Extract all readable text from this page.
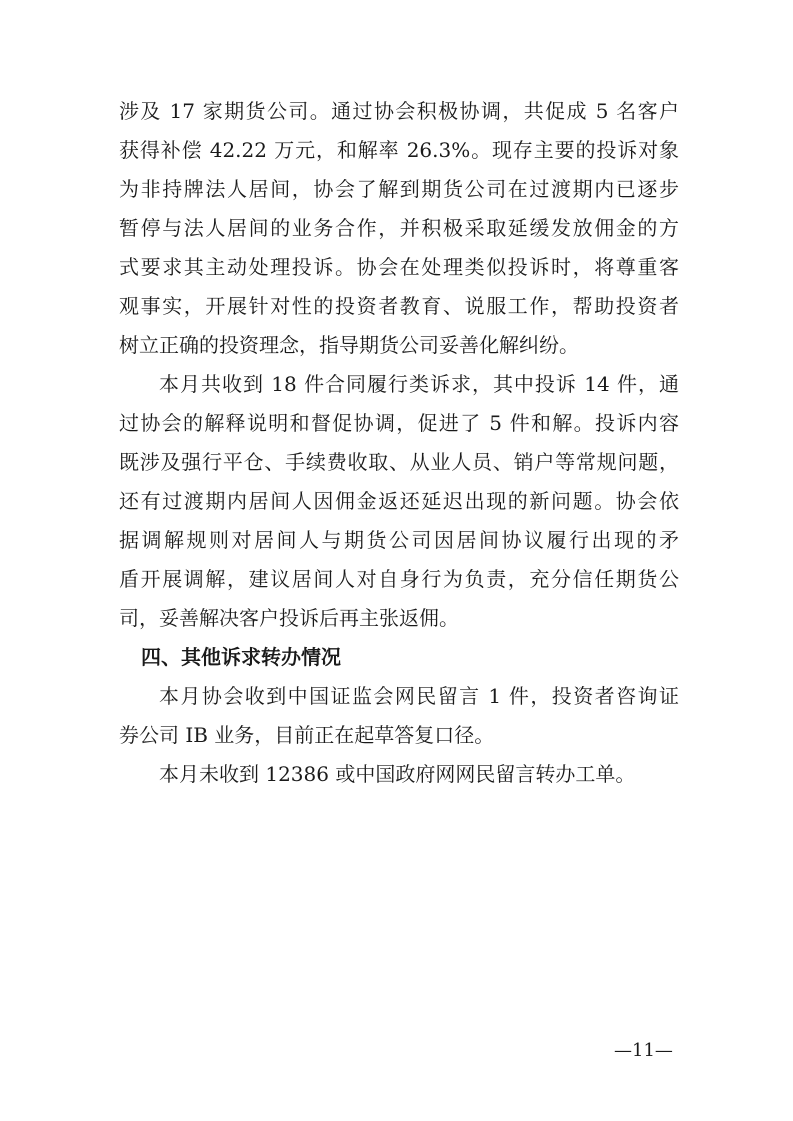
涉及 17 家期货公司。通过协会积极协调，共促成 5 名客户
获得补偿 42.22 万元，和解率 26.3%。现存主要的投诉对象
为非持牌法人居间，协会了解到期货公司在过渡期内已逐步
暂停与法人居间的业务合作，并积极采取延缓发放佣金的方
式要求其主动处理投诉。协会在处理类似投诉时，将尊重客
观事实，开展针对性的投资者教育、说服工作，帮助投资者
树立正确的投资理念，指导期货公司妥善化解纠纷。
本月共收到 18 件合同履行类诉求，其中投诉 14 件，通
过协会的解释说明和督促协调，促进了 5 件和解。投诉内容
既涉及强行平仓、手续费收取、从业人员、销户等常规问题，
还有过渡期内居间人因佣金返还延迟出现的新问题。协会依
据调解规则对居间人与期货公司因居间协议履行出现的矛
盾开展调解，建议居间人对自身行为负责，充分信任期货公
司，妥善解决客户投诉后再主张返佣。
四、其他诉求转办情况
本月协会收到中国证监会网民留言 1 件，投资者咨询证
券公司 IB 业务，目前正在起草答复口径。
本月未收到 12386 或中国政府网网民留言转办工单。
—11—
